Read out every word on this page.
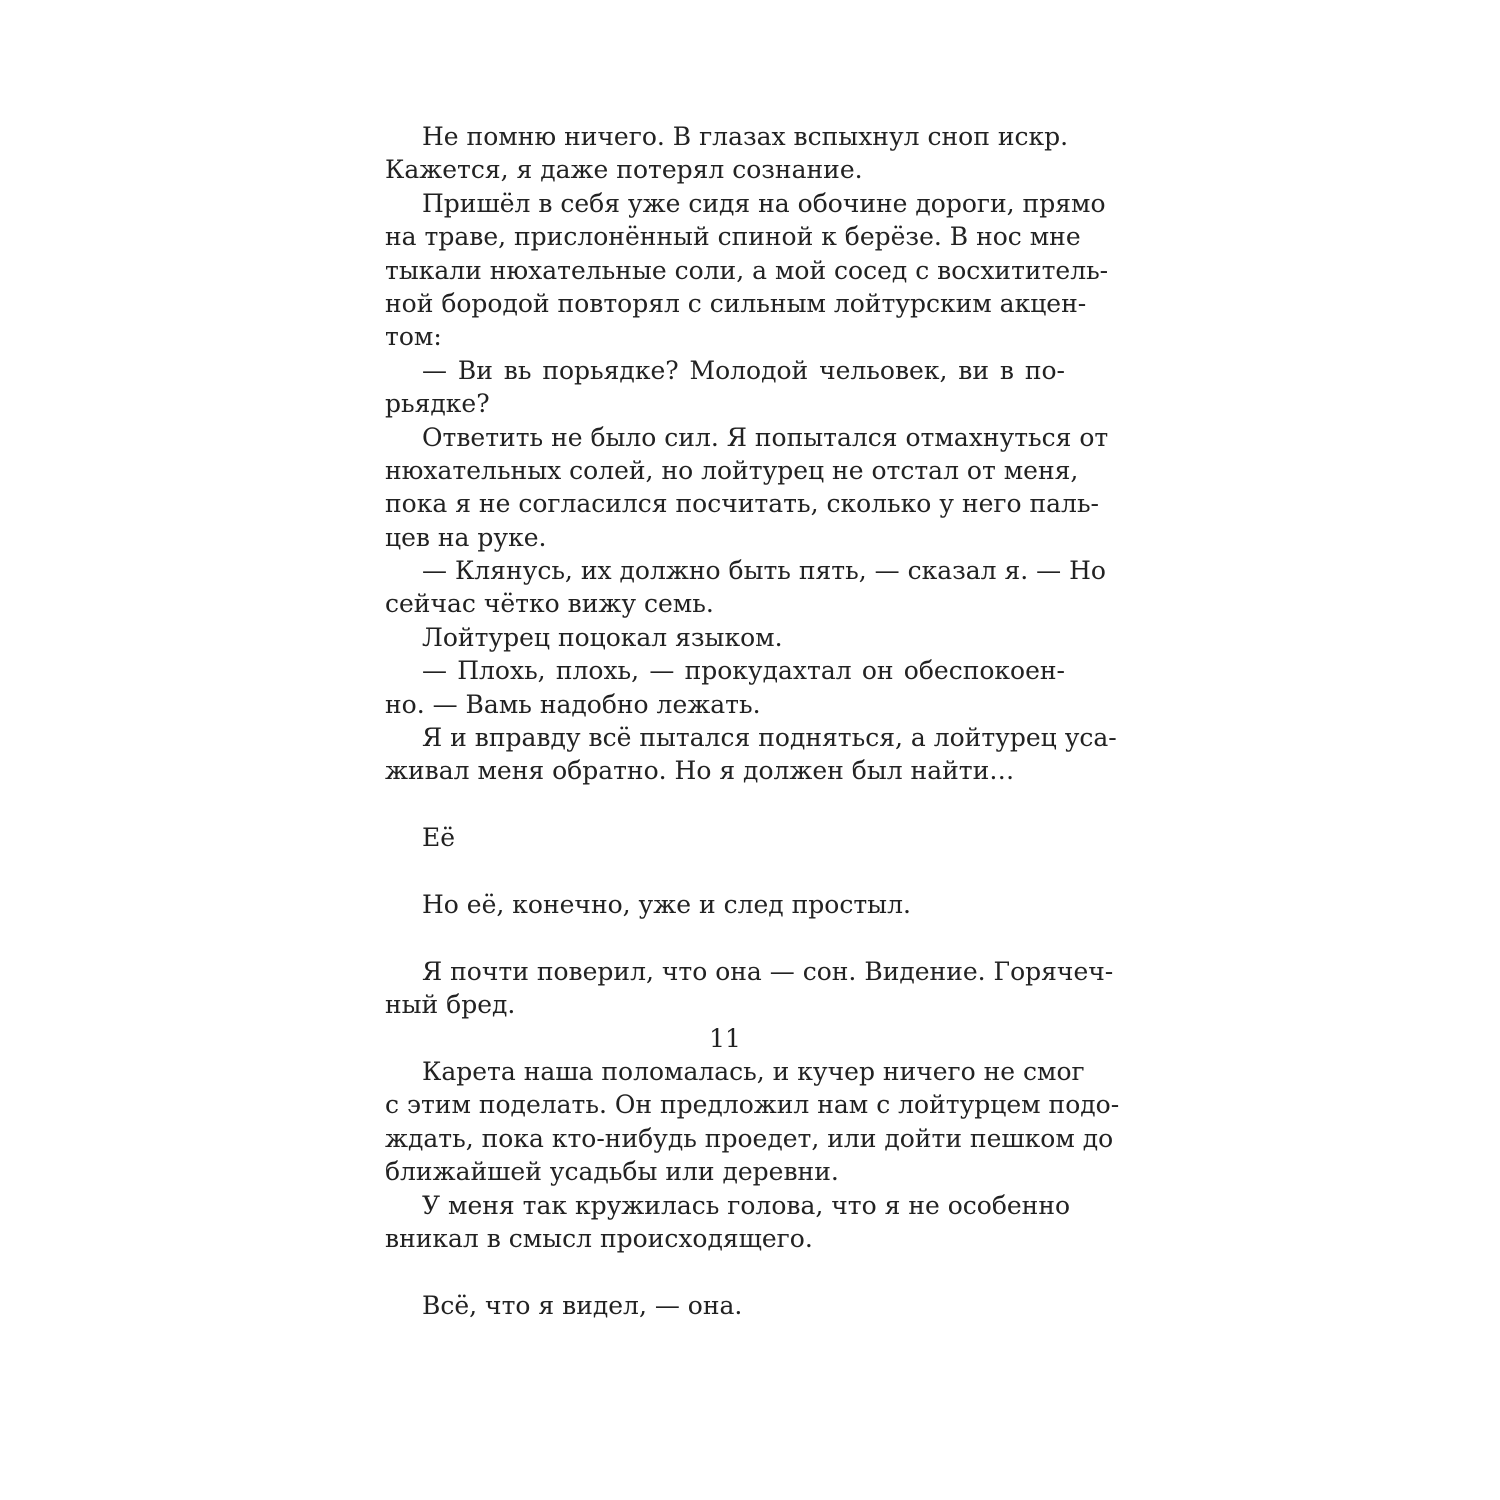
Не помню ничего. В глазах вспыхнул сноп искр.
Кажется, я даже потерял сознание.
Пришёл в себя уже сидя на обочине дороги, прямо
на траве, прислонённый спиной к берёзе. В нос мне
тыкали нюхательные соли, а мой сосед с восхититель-
ной бородой повторял с сильным лойтурским акцен-
том:
— Ви вь порьядке? Молодой чельовек, ви в по-
рьядке?
Ответить не было сил. Я попытался отмахнуться от
нюхательных солей, но лойтурец не отстал от меня,
пока я не согласился посчитать, сколько у него паль-
цев на руке.
— Клянусь, их должно быть пять, — сказал я. — Но
сейчас чётко вижу семь.
Лойтурец поцокал языком.
— Плохь, плохь, — прокудахтал он обеспокоен-
но. — Вамь надобно лежать.
Я и вправду всё пытался подняться, а лойтурец уса-
живал меня обратно. Но я должен был найти…
Её
Но её, конечно, уже и след простыл.
Я почти поверил, что она — сон. Видение. Горячеч-
ный бред.
Карета наша поломалась, и кучер ничего не смог
с этим поделать. Он предложил нам с лойтурцем подо-
ждать, пока кто-нибудь проедет, или дойти пешком до
ближайшей усадьбы или деревни.
У меня так кружилась голова, что я не особенно
вникал в смысл происходящего.
Всё, что я видел, — она.
11
